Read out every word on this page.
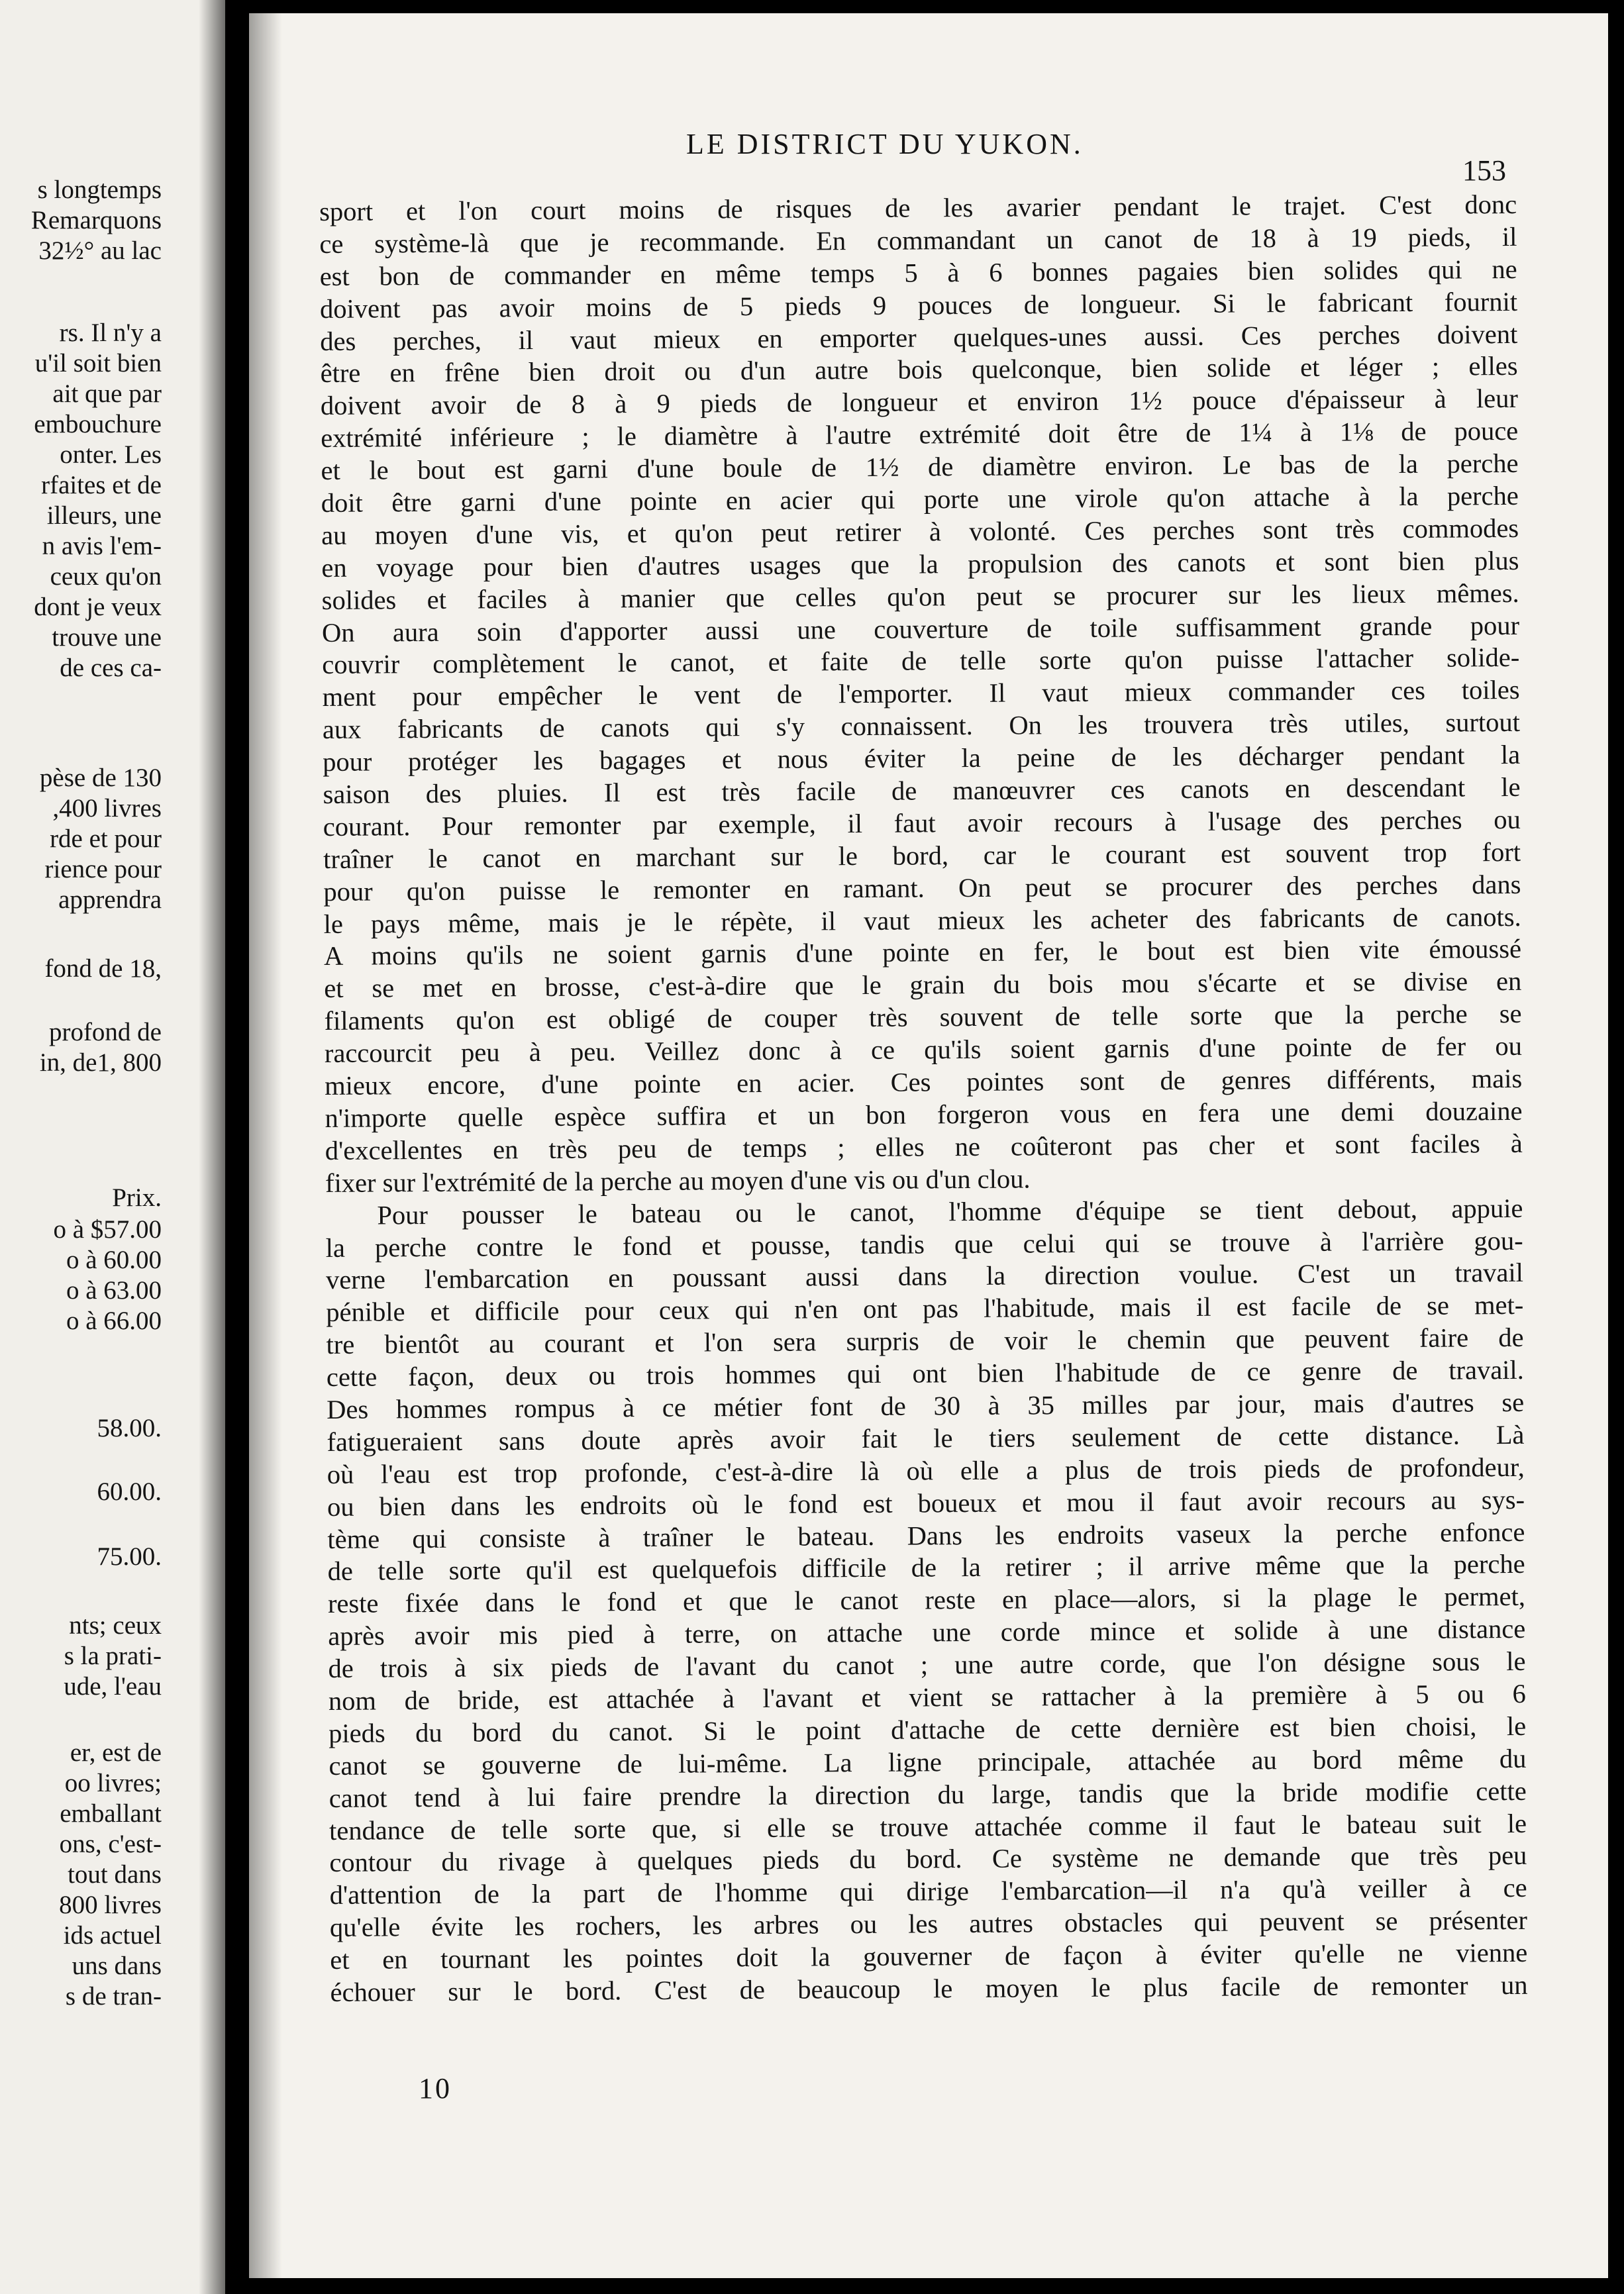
s longtemps
Remarquons
32½° au lac
rs. Il n'y a
u'il soit bien
ait que par
embouchure
onter. Les
rfaites et de
illeurs, une
n avis l'em-
ceux qu'on
dont je veux
trouve une
de ces ca-
pèse de 130
,400 livres
rde et pour
rience pour
apprendra
fond de 18,
profond de
in, de1, 800
Prix.
o à $57.00
o à 60.00
o à 63.00
o à 66.00
58.00.
60.00.
75.00.
nts; ceux
s la prati-
ude, l'eau
er, est de
oo livres;
emballant
ons, c'est-
tout dans
800 livres
ids actuel
uns dans
s de tran-
LE DISTRICT DU YUKON.
153
sport et l'on court moins de risques de les avarier pendant le trajet. C'est donc
ce système-là que je recommande. En commandant un canot de 18 à 19 pieds, il
est bon de commander en même temps 5 à 6 bonnes pagaies bien solides qui ne
doivent pas avoir moins de 5 pieds 9 pouces de longueur. Si le fabricant fournit
des perches, il vaut mieux en emporter quelques-unes aussi. Ces perches doivent
être en frêne bien droit ou d'un autre bois quelconque, bien solide et léger ; elles
doivent avoir de 8 à 9 pieds de longueur et environ 1½ pouce d'épaisseur à leur
extrémité inférieure ; le diamètre à l'autre extrémité doit être de 1¼ à 1⅛ de pouce
et le bout est garni d'une boule de 1½ de diamètre environ. Le bas de la perche
doit être garni d'une pointe en acier qui porte une virole qu'on attache à la perche
au moyen d'une vis, et qu'on peut retirer à volonté. Ces perches sont très commodes
en voyage pour bien d'autres usages que la propulsion des canots et sont bien plus
solides et faciles à manier que celles qu'on peut se procurer sur les lieux mêmes.
On aura soin d'apporter aussi une couverture de toile suffisamment grande pour
couvrir complètement le canot, et faite de telle sorte qu'on puisse l'attacher solide-
ment pour empêcher le vent de l'emporter. Il vaut mieux commander ces toiles
aux fabricants de canots qui s'y connaissent. On les trouvera très utiles, surtout
pour protéger les bagages et nous éviter la peine de les décharger pendant la
saison des pluies. Il est très facile de manœuvrer ces canots en descendant le
courant. Pour remonter par exemple, il faut avoir recours à l'usage des perches ou
traîner le canot en marchant sur le bord, car le courant est souvent trop fort
pour qu'on puisse le remonter en ramant. On peut se procurer des perches dans
le pays même, mais je le répète, il vaut mieux les acheter des fabricants de canots.
A moins qu'ils ne soient garnis d'une pointe en fer, le bout est bien vite émoussé
et se met en brosse, c'est-à-dire que le grain du bois mou s'écarte et se divise en
filaments qu'on est obligé de couper très souvent de telle sorte que la perche se
raccourcit peu à peu. Veillez donc à ce qu'ils soient garnis d'une pointe de fer ou
mieux encore, d'une pointe en acier. Ces pointes sont de genres différents, mais
n'importe quelle espèce suffira et un bon forgeron vous en fera une demi douzaine
d'excellentes en très peu de temps ; elles ne coûteront pas cher et sont faciles à
fixer sur l'extrémité de la perche au moyen d'une vis ou d'un clou.
Pour pousser le bateau ou le canot, l'homme d'équipe se tient debout, appuie
la perche contre le fond et pousse, tandis que celui qui se trouve à l'arrière gou-
verne l'embarcation en poussant aussi dans la direction voulue. C'est un travail
pénible et difficile pour ceux qui n'en ont pas l'habitude, mais il est facile de se met-
tre bientôt au courant et l'on sera surpris de voir le chemin que peuvent faire de
cette façon, deux ou trois hommes qui ont bien l'habitude de ce genre de travail.
Des hommes rompus à ce métier font de 30 à 35 milles par jour, mais d'autres se
fatigueraient sans doute après avoir fait le tiers seulement de cette distance. Là
où l'eau est trop profonde, c'est-à-dire là où elle a plus de trois pieds de profondeur,
ou bien dans les endroits où le fond est boueux et mou il faut avoir recours au sys-
tème qui consiste à traîner le bateau. Dans les endroits vaseux la perche enfonce
de telle sorte qu'il est quelquefois difficile de la retirer ; il arrive même que la perche
reste fixée dans le fond et que le canot reste en place—alors, si la plage le permet,
après avoir mis pied à terre, on attache une corde mince et solide à une distance
de trois à six pieds de l'avant du canot ; une autre corde, que l'on désigne sous le
nom de bride, est attachée à l'avant et vient se rattacher à la première à 5 ou 6
pieds du bord du canot. Si le point d'attache de cette dernière est bien choisi, le
canot se gouverne de lui-même. La ligne principale, attachée au bord même du
canot tend à lui faire prendre la direction du large, tandis que la bride modifie cette
tendance de telle sorte que, si elle se trouve attachée comme il faut le bateau suit le
contour du rivage à quelques pieds du bord. Ce système ne demande que très peu
d'attention de la part de l'homme qui dirige l'embarcation—il n'a qu'à veiller à ce
qu'elle évite les rochers, les arbres ou les autres obstacles qui peuvent se présenter
et en tournant les pointes doit la gouverner de façon à éviter qu'elle ne vienne
échouer sur le bord. C'est de beaucoup le moyen le plus facile de remonter un
10
